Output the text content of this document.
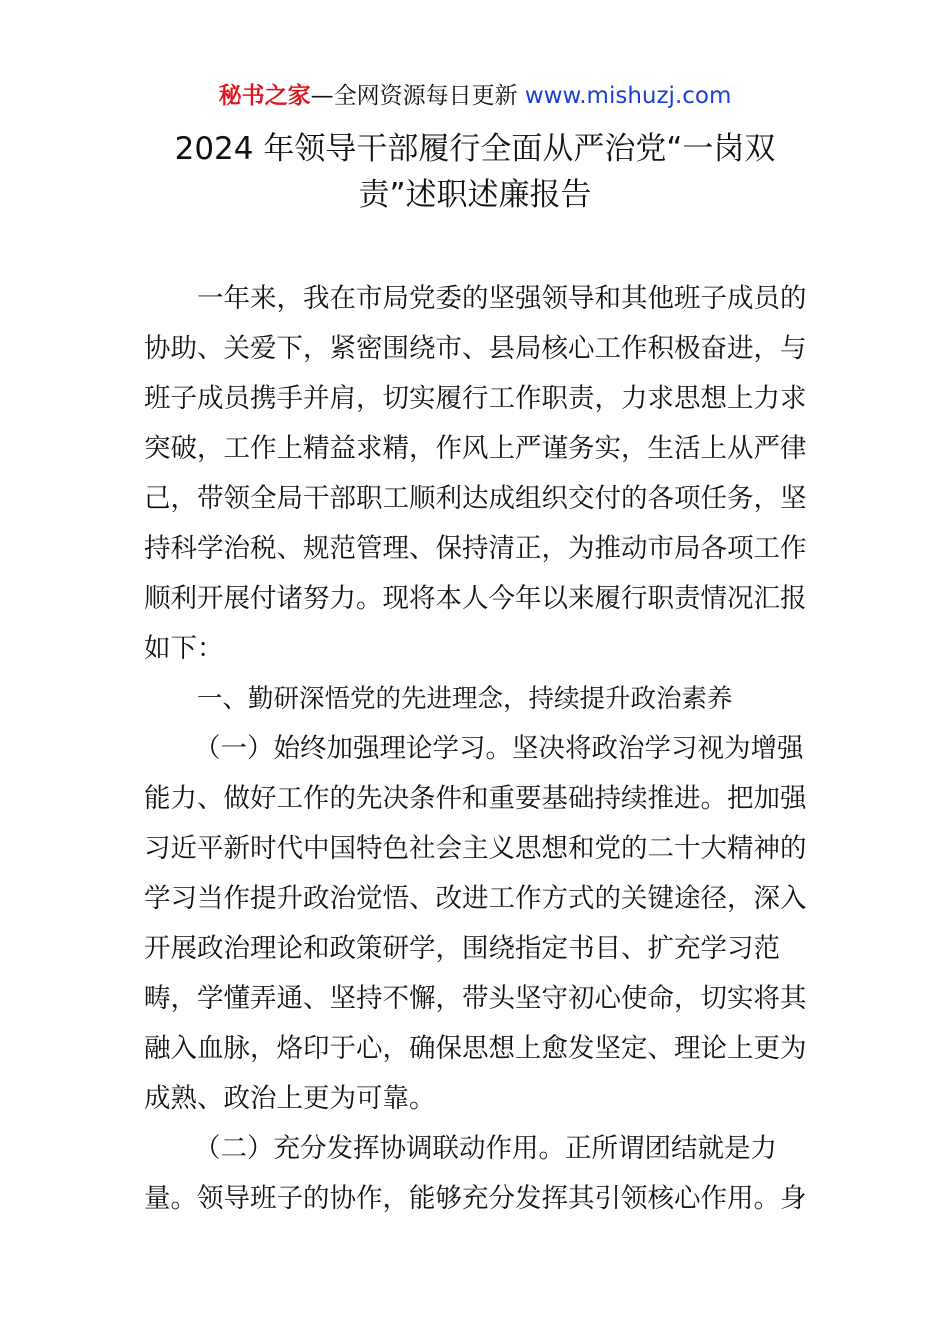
秘书之家—全网资源每日更新 www.mishuzj.com
2024 年领导干部履行全面从严治党“一岗双
责”述职述廉报告
一年来，我在市局党委的坚强领导和其他班子成员的
协助、关爱下，紧密围绕市、县局核心工作积极奋进，与
班子成员携手并肩，切实履行工作职责，力求思想上力求
突破，工作上精益求精，作风上严谨务实，生活上从严律
己，带领全局干部职工顺利达成组织交付的各项任务，坚
持科学治税、规范管理、保持清正，为推动市局各项工作
顺利开展付诸努力。现将本人今年以来履行职责情况汇报
如下：
一、勤研深悟党的先进理念，持续提升政治素养
（一）始终加强理论学习。坚决将政治学习视为增强
能力、做好工作的先决条件和重要基础持续推进。把加强
习近平新时代中国特色社会主义思想和党的二十大精神的
学习当作提升政治觉悟、改进工作方式的关键途径，深入
开展政治理论和政策研学，围绕指定书目、扩充学习范
畴，学懂弄通、坚持不懈，带头坚守初心使命，切实将其
融入血脉，烙印于心，确保思想上愈发坚定、理论上更为
成熟、政治上更为可靠。
（二）充分发挥协调联动作用。正所谓团结就是力
量。领导班子的协作，能够充分发挥其引领核心作用。身
